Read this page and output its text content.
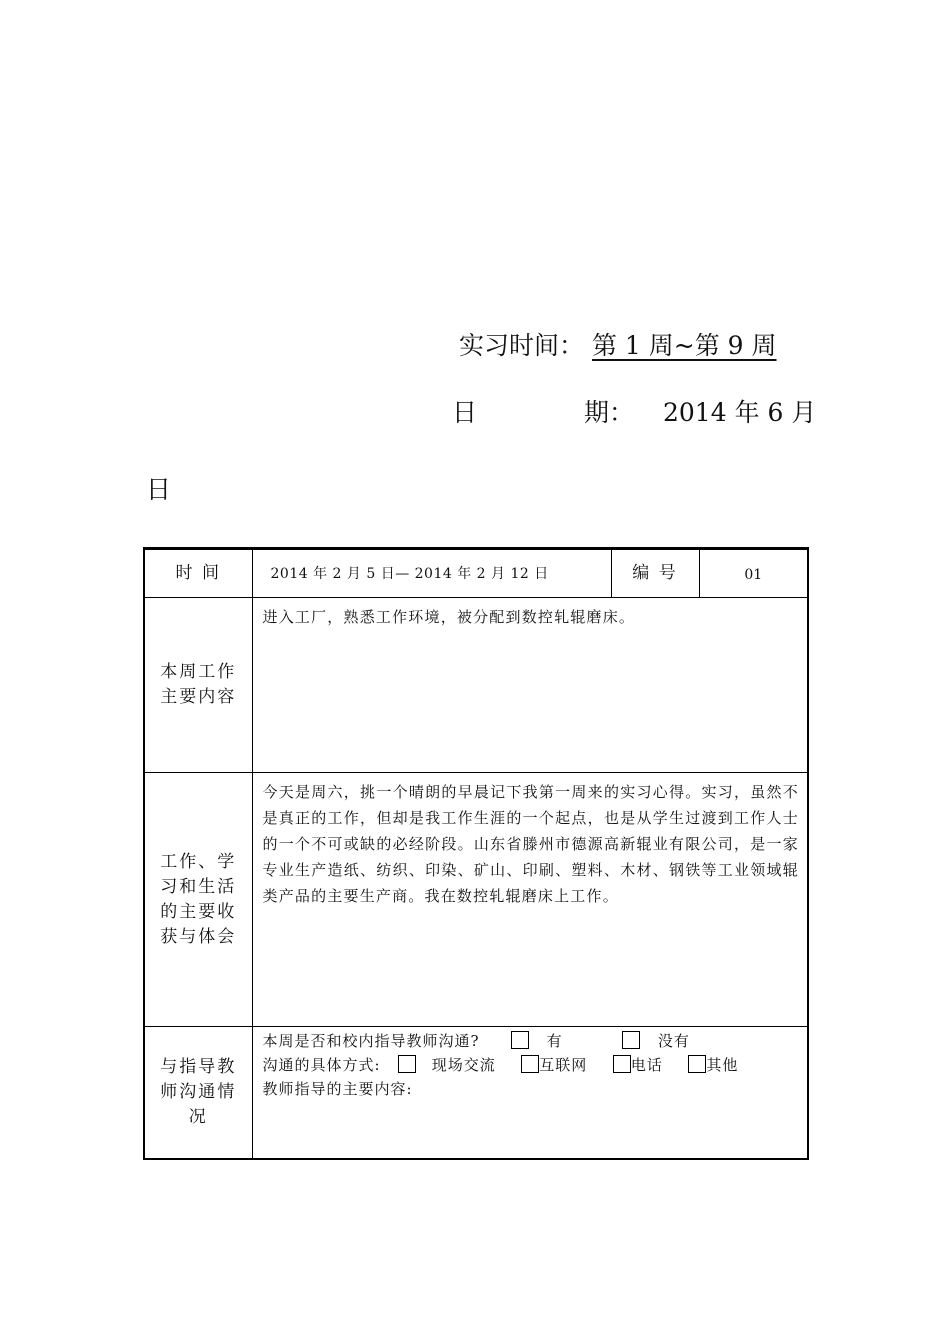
实习时间： 第 1 周~第 9 周
日	期： 2014 年 6 月
日
时 间	2014 年 2 月 5 日— 2014 年 2 月 12 日	编 号	01

本周工作主要内容	进入工厂，熟悉工作环境，被分配到数控轧辊磨床。		

工作、学习和生活的主要收获与体会	今天是周六，挑一个晴朗的早晨记下我第一周来的实习心得。实习，虽然不是真正的工作，但却是我工作生涯的一个起点，也是从学生过渡到工作人士的一个不可或缺的必经阶段。山东省滕州市德源高新辊业有限公司，是一家专业生产造纸、纺织、印染、矿山、印刷、塑料、木材、钢铁等工业领域辊类产品的主要生产商。我在数控轧辊磨床上工作。		

与指导教师沟通情况	本周是否和校内指导教师沟通? 有 没有
沟通的具体方式: 现场交流 互联网 电话 其他
教师指导的主要内容:		
